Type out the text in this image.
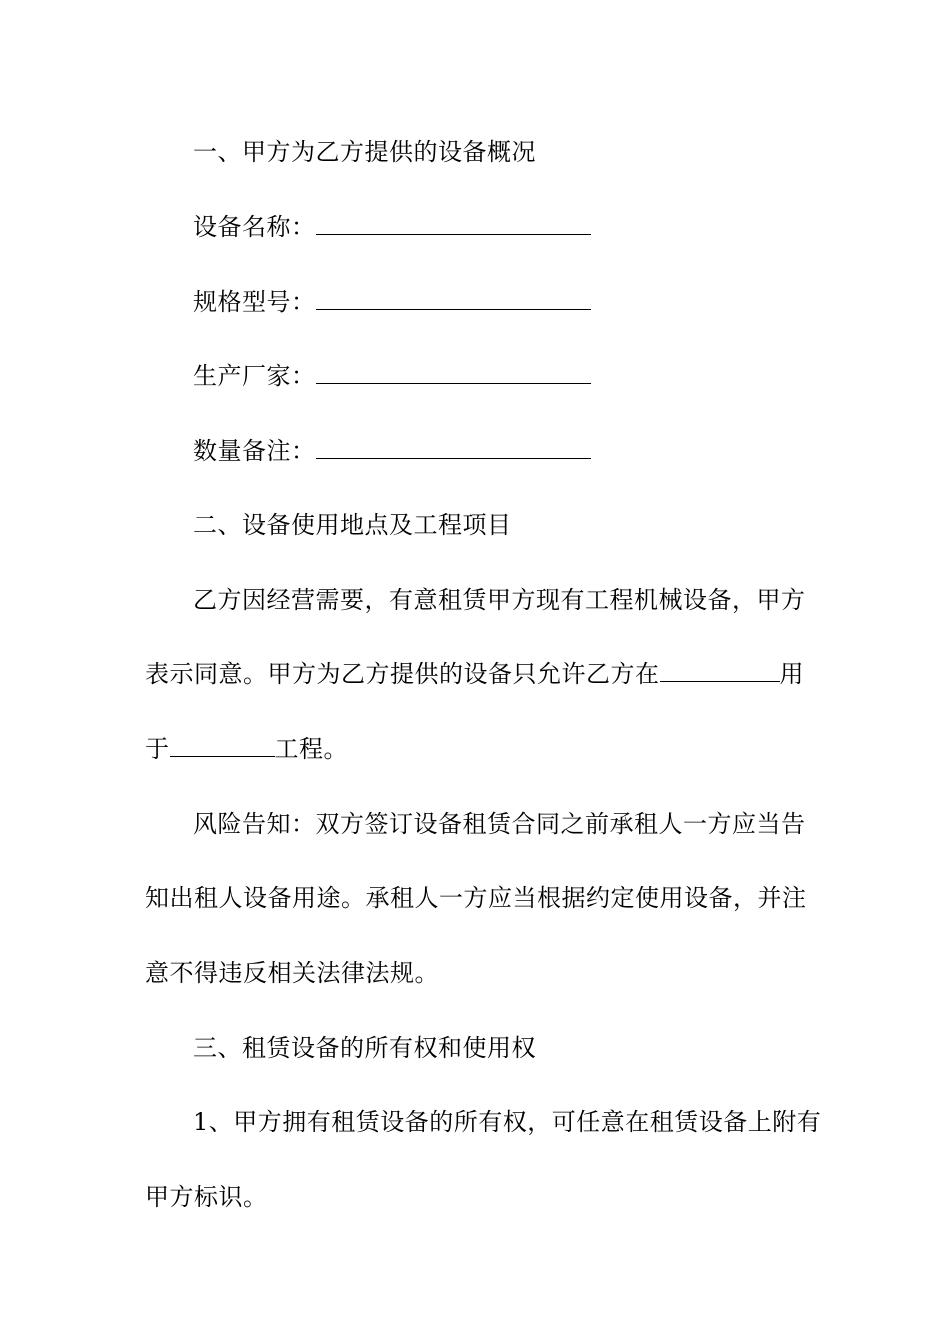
一、甲方为乙方提供的设备概况
设备名称：
规格型号：
生产厂家：
数量备注：
二、设备使用地点及工程项目
乙方因经营需要，有意租赁甲方现有工程机械设备，甲方
表示同意。甲方为乙方提供的设备只允许乙方在	用
于	工程。
风险告知：双方签订设备租赁合同之前承租人一方应当告
知出租人设备用途。承租人一方应当根据约定使用设备，并注
意不得违反相关法律法规。
三、租赁设备的所有权和使用权
1、甲方拥有租赁设备的所有权，可任意在租赁设备上附有
甲方标识。
